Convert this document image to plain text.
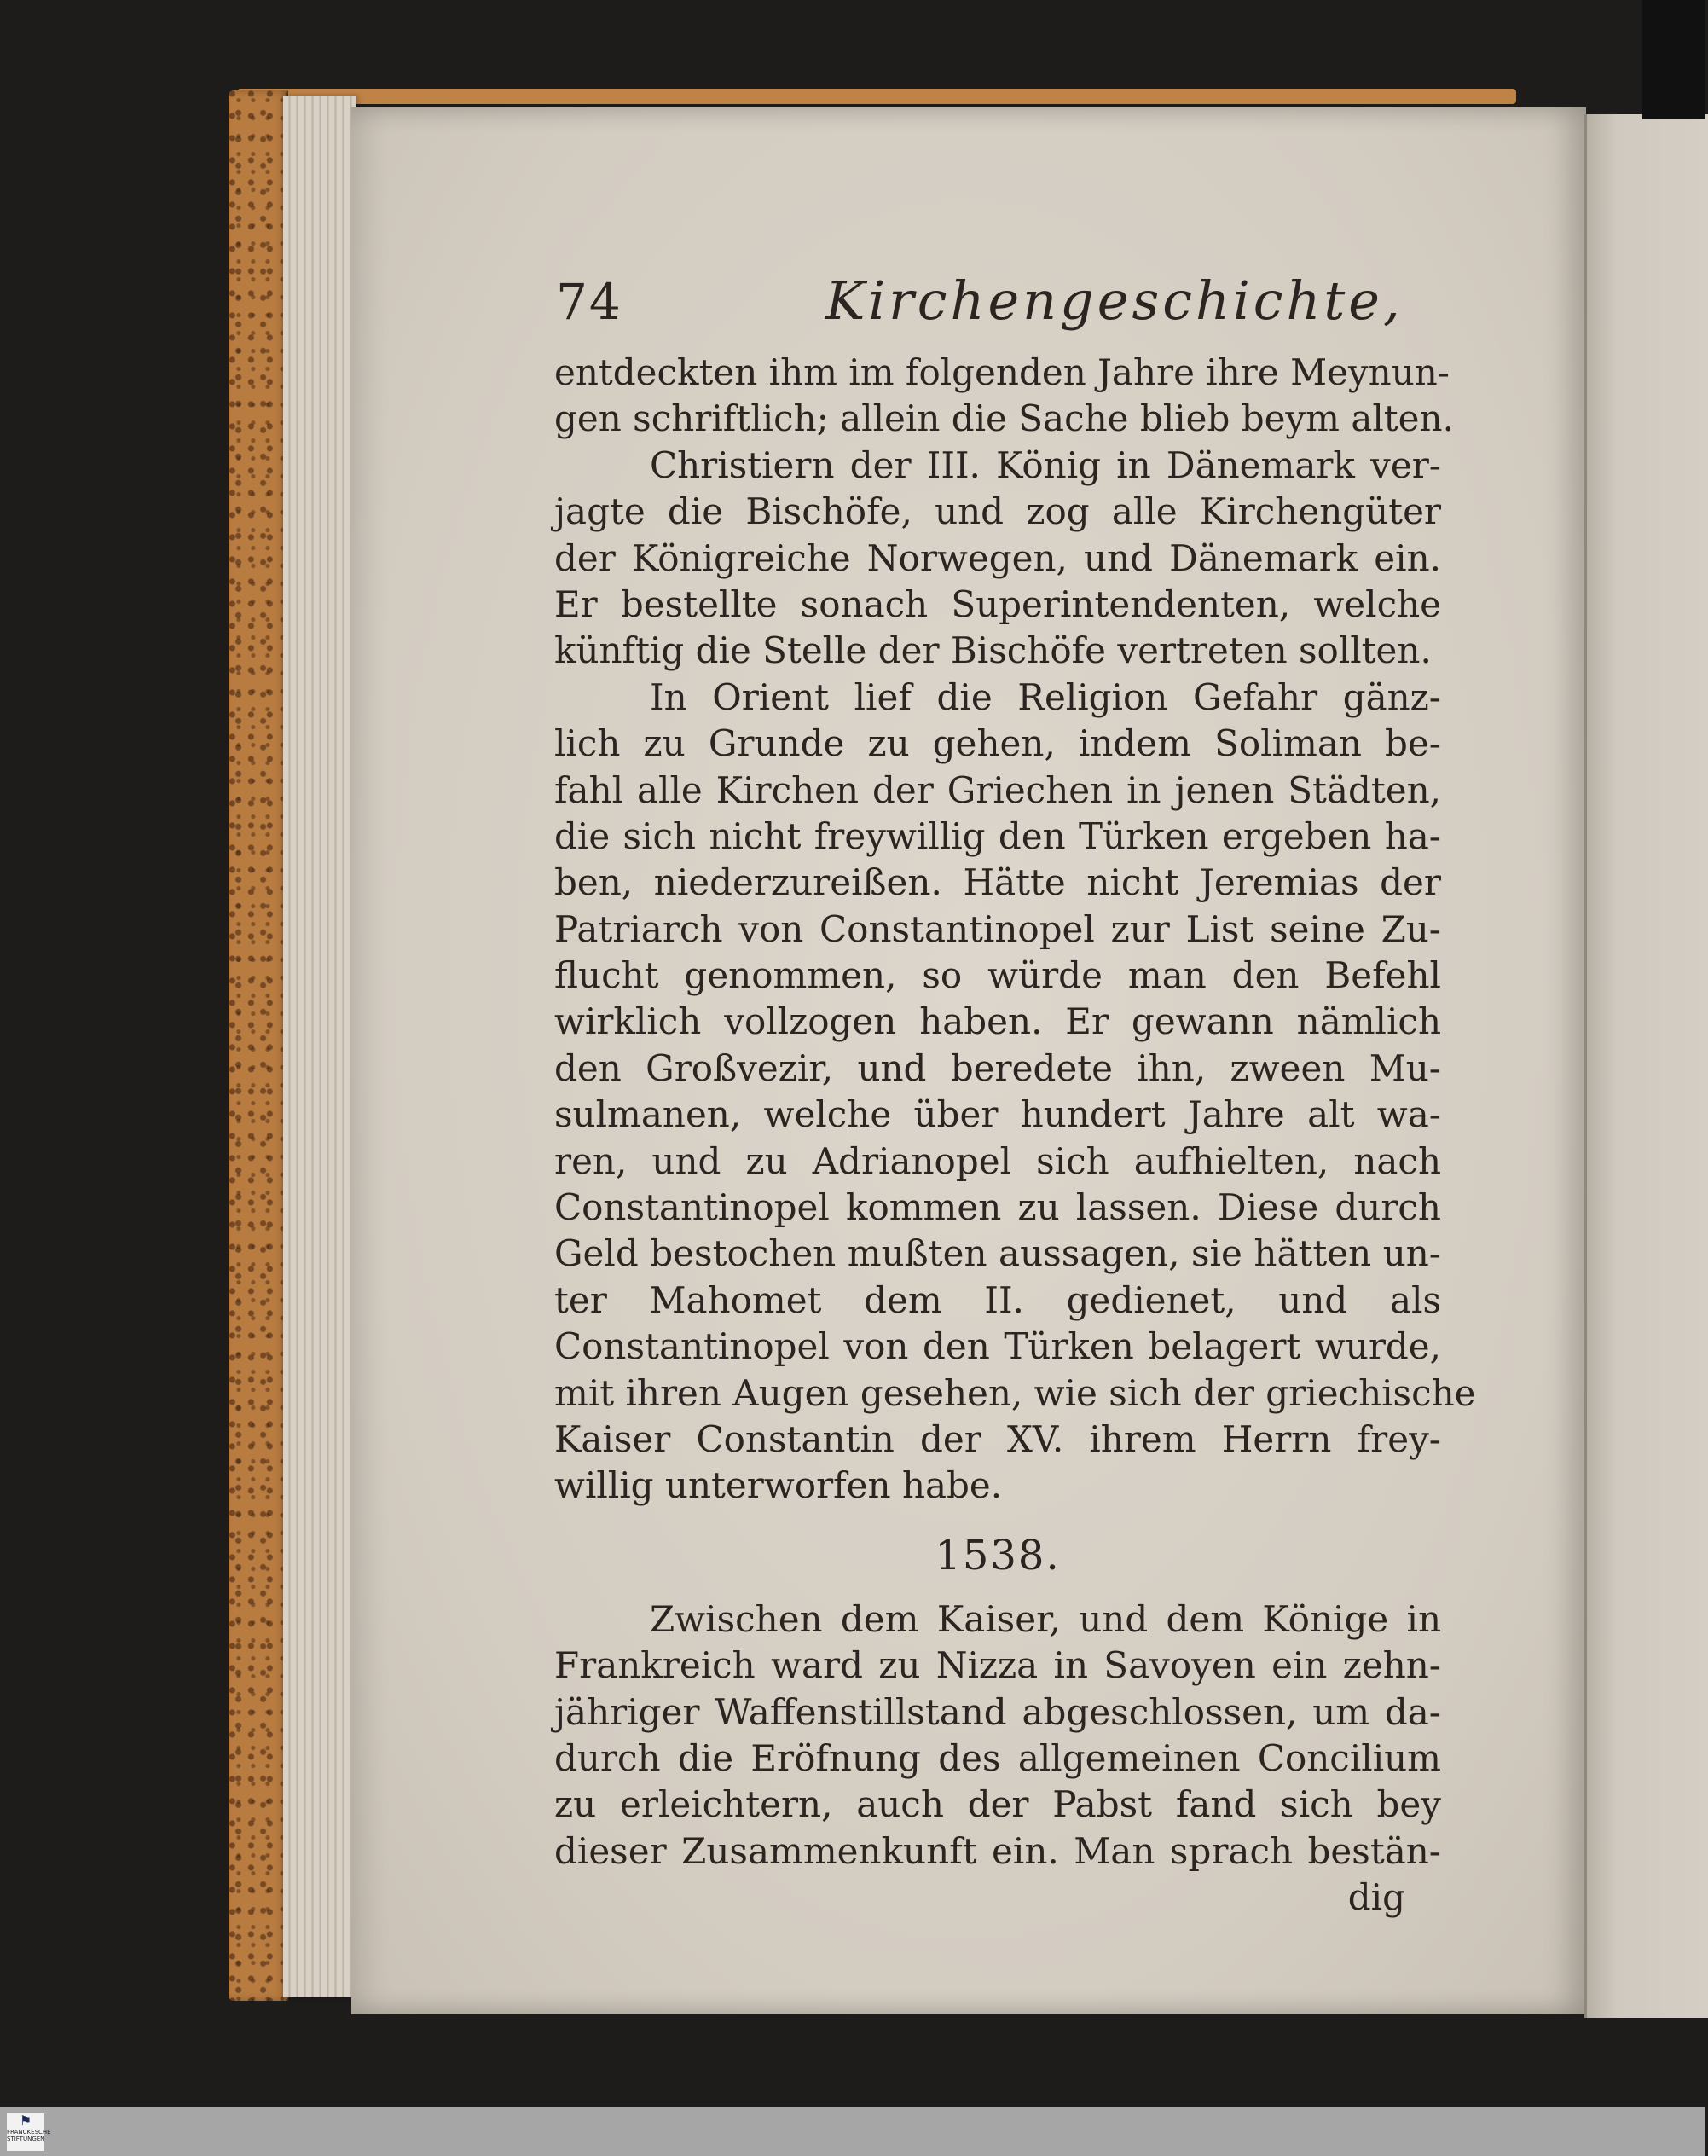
74	Kirchengeschichte,
entdeckten ihm im folgenden Jahre ihre Meynun-
gen schriftlich; allein die Sache blieb beym alten.
Christiern der III. König in Dänemark ver-
jagte die Bischöfe, und zog alle Kirchengüter
der Königreiche Norwegen, und Dänemark ein.
Er bestellte sonach Superintendenten, welche
künftig die Stelle der Bischöfe vertreten sollten.
In Orient lief die Religion Gefahr gänz-
lich zu Grunde zu gehen, indem Soliman be-
fahl alle Kirchen der Griechen in jenen Städten,
die sich nicht freywillig den Türken ergeben ha-
ben, niederzureißen. Hätte nicht Jeremias der
Patriarch von Constantinopel zur List seine Zu-
flucht genommen, so würde man den Befehl
wirklich vollzogen haben. Er gewann nämlich
den Großvezir, und beredete ihn, zween Mu-
sulmanen, welche über hundert Jahre alt wa-
ren, und zu Adrianopel sich aufhielten, nach
Constantinopel kommen zu lassen. Diese durch
Geld bestochen mußten aussagen, sie hätten un-
ter Mahomet dem II. gedienet, und als
Constantinopel von den Türken belagert wurde,
mit ihren Augen gesehen, wie sich der griechische
Kaiser Constantin der XV. ihrem Herrn frey-
willig unterworfen habe.
1538.
Zwischen dem Kaiser, und dem Könige in
Frankreich ward zu Nizza in Savoyen ein zehn-
jähriger Waffenstillstand abgeschlossen, um da-
durch die Eröfnung des allgemeinen Concilium
zu erleichtern, auch der Pabst fand sich bey
dieser Zusammenkunft ein. Man sprach bestän-
dig
⚑
FRANCKESCHE STIFTUNGEN
